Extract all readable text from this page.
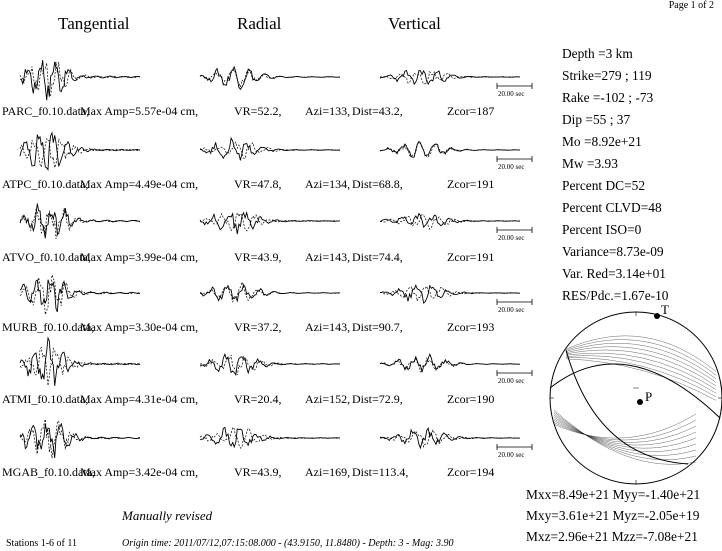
Page 1 of 2
Tangential	Radial	Vertical
20.00 sec
20.00 sec
20.00 sec
20.00 sec
20.00 sec
20.00 sec
PARC_f0.10.data,
Max Amp=5.57e-04 cm,	VR=52.2, Azi=133, Dist=43.2,	Zcor=187
ATPC_f0.10.data,
Max Amp=4.49e-04 cm,	VR=47.8, Azi=134, Dist=68.8,	Zcor=191
ATVO_f0.10.data,
Max Amp=3.99e-04 cm,	VR=43.9, Azi=143, Dist=74.4,	Zcor=191
MURB_f0.10.data,
Max Amp=3.30e-04 cm,	VR=37.2, Azi=143, Dist=90.7,	Zcor=193
ATMI_f0.10.data,
Max Amp=4.31e-04 cm,	VR=20.4, Azi=152, Dist=72.9,	Zcor=190
MGAB_f0.10.data,
Max Amp=3.42e-04 cm,	VR=43.9, Azi=169, Dist=113.4,	Zcor=194
Depth =3 km
Strike=279 ; 119
Rake =-102 ; -73
Dip =55 ; 37
Mo =8.92e+21
Mw =3.93
Percent DC=52
Percent CLVD=48
Percent ISO=0
Variance=8.73e-09
Var. Red=3.14e+01
RES/Pdc.=1.67e-10
T
P
Mxx=8.49e+21 Myy=-1.40e+21
Mxy=3.61e+21 Myz=-2.05e+19
Mxz=2.96e+21 Mzz=-7.08e+21
Manually revised
Stations 1-6 of 11	Origin time: 2011/07/12,07:15:08.000 - (43.9150, 11.8480) - Depth: 3 - Mag: 3.90
